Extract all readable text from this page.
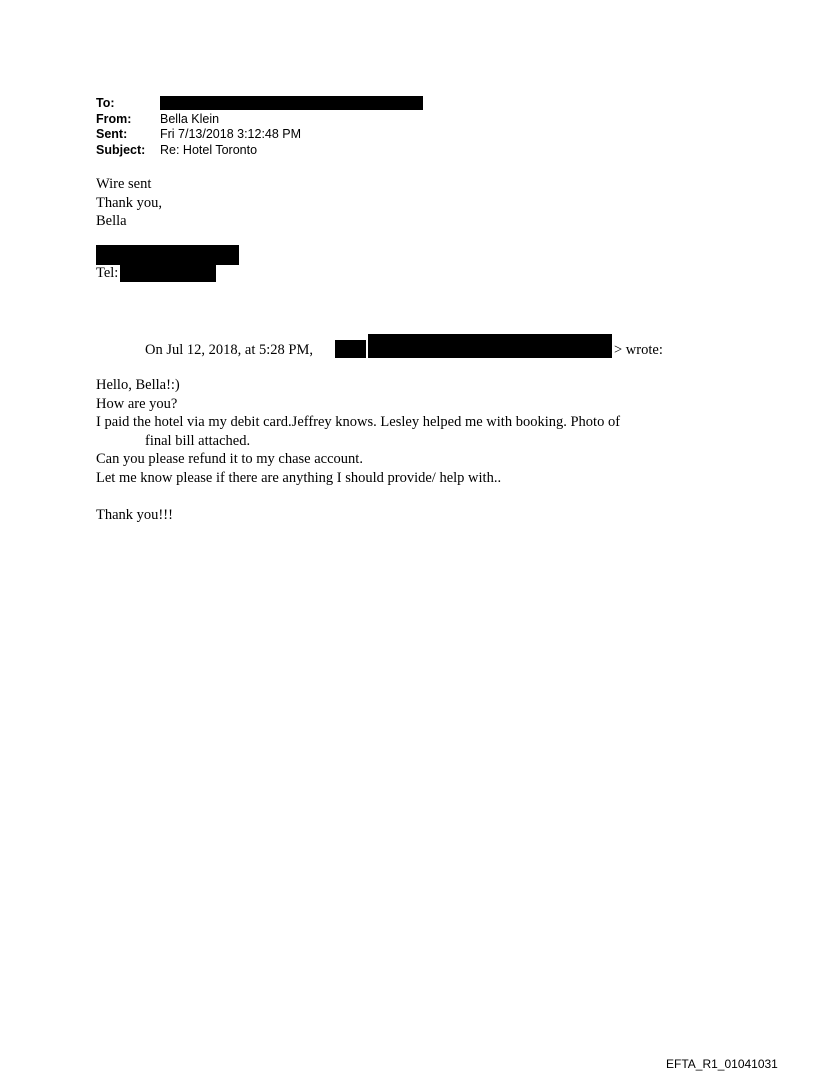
To:
From: Bella Klein
Sent:	Fri 7/13/2018 3:12:48 PM
Subject: Re: Hotel Toronto
Wire sent
Thank you,
Bella
Tel:
On Jul 12, 2018, at 5:28 PM,	> wrote:
Hello, Bella!:)
How are you?
I paid the hotel via my debit card.Jeffrey knows. Lesley helped me with booking. Photo of
final bill attached.
Can you please refund it to my chase account.
Let me know please if there are anything I should provide/ help with..
Thank you!!!
EFTA_R1_01041031
